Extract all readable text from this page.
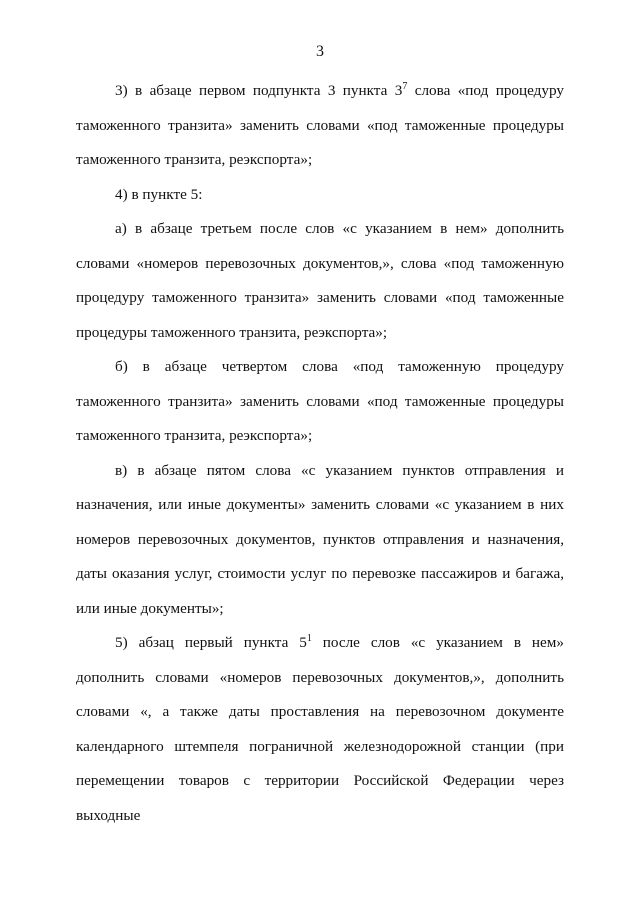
3

3) в абзаце первом подпункта 3 пункта $3^7$ слова «под процедуру таможенного транзита» заменить словами «под таможенные процедуры таможенного транзита, реэкспорта»;

4) в пункте 5:

а) в абзаце третьем после слов «с указанием в нем» дополнить словами «номеров перевозочных документов,», слова «под таможенную процедуру таможенного транзита» заменить словами «под таможенные процедуры таможенного транзита, реэкспорта»;

б) в абзаце четвертом слова «под таможенную процедуру таможенного транзита» заменить словами «под таможенные процедуры таможенного транзита, реэкспорта»;

в) в абзаце пятом слова «с указанием пунктов отправления и назначения, или иные документы» заменить словами «с указанием в них номеров перевозочных документов, пунктов отправления и назначения, даты оказания услуг, стоимости услуг по перевозке пассажиров и багажа, или иные документы»;

5) абзац первый пункта $5^1$ после слов «с указанием в нем» дополнить словами «номеров перевозочных документов,», дополнить словами «, а также даты проставления на перевозочном документе календарного штемпеля пограничной железнодорожной станции (при перемещении товаров с территории Российской Федерации через выходные
